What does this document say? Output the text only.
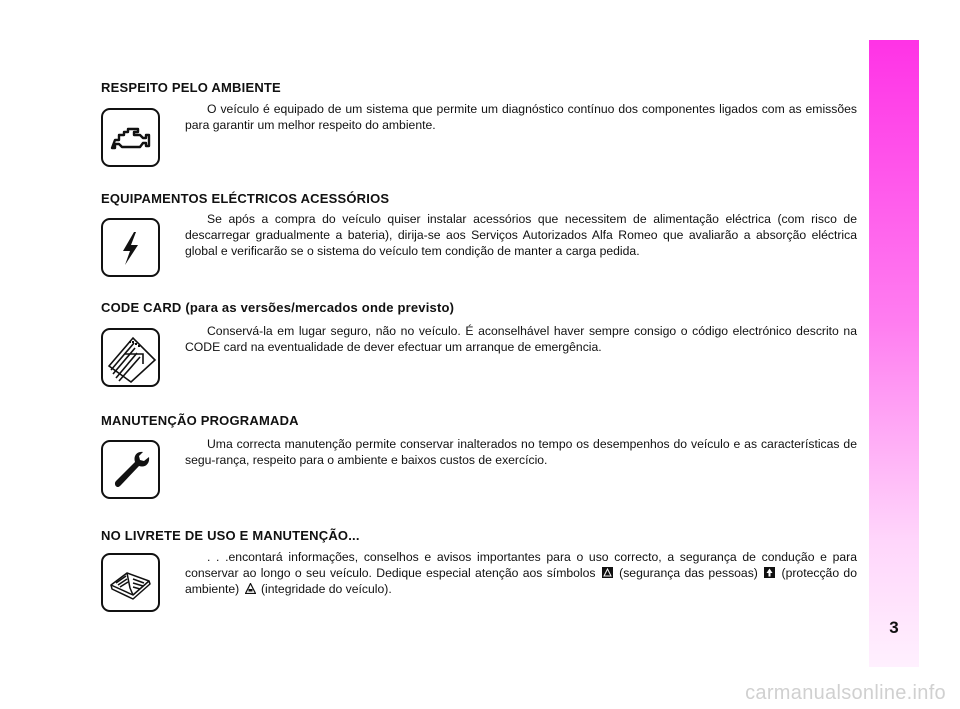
3
RESPEITO PELO AMBIENTE
O veículo é equipado de um sistema que permite um diagnóstico contínuo dos componentes ligados com as emissões para garantir um melhor respeito do ambiente.
EQUIPAMENTOS ELÉCTRICOS ACESSÓRIOS
Se após a compra do veículo quiser instalar acessórios que necessitem de alimentação eléctrica (com risco de descarregar gradualmente a bateria), dirija-se aos Serviços Autorizados Alfa Romeo que avaliarão a absorção eléctrica global e verificarão se o sistema do veículo tem condição de manter a carga pedida.
CODE CARD (para as versões/mercados onde previsto)
Conservá-la em lugar seguro, não no veículo. É aconselhável haver sempre consigo o código electrónico descrito na CODE card na eventualidade de dever efectuar um arranque de emergência.
MANUTENÇÃO PROGRAMADA
Uma correcta manutenção permite conservar inalterados no tempo os desempenhos do veículo e as características de segu-rança, respeito para o ambiente e baixos custos de exercício.
NO LIVRETE DE USO E MANUTENÇÃO...
. . .encontará informações, conselhos e avisos importantes para o uso correcto, a segurança de condução e para conservar ao longo o seu veículo. Dedique especial atenção aos símbolos  (segurança das pessoas)  (protecção do ambiente)  (integridade do veículo).
carmanualsonline.info
